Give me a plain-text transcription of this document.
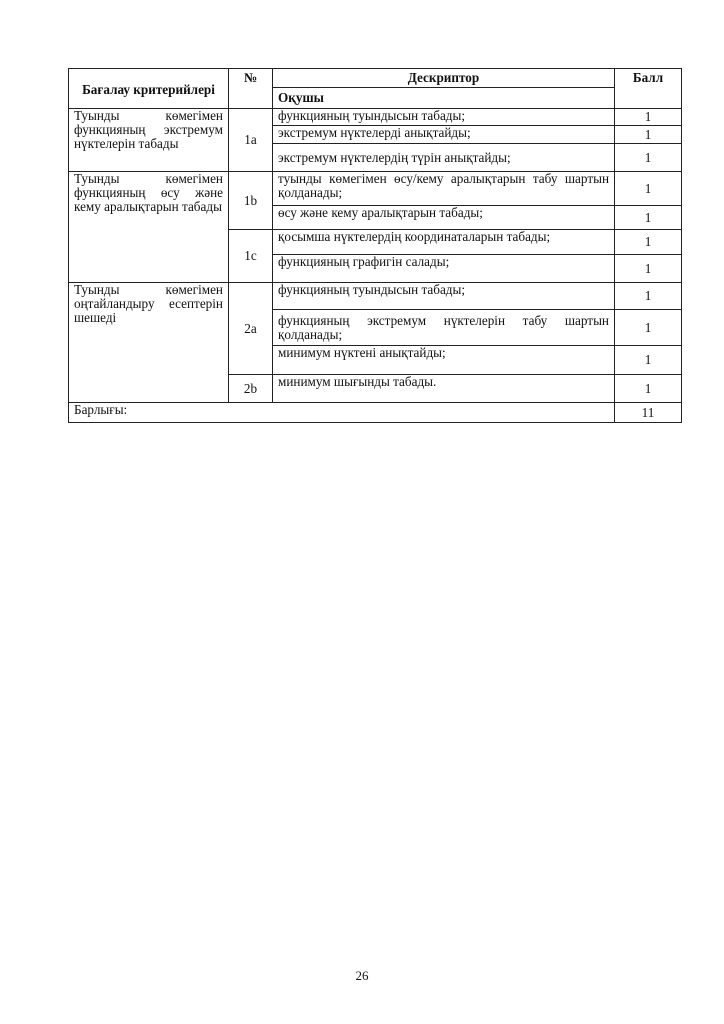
Бағалау критерийлері	№	Дескриптор	Балл
		Оқушы	
Туынды көмегімен функцияның экстремум нүктелерін табады	1a	функцияның туындысын табады;	1
		экстремум нүктелерді анықтайды;	1
		экстремум нүктелердің түрін анықтайды;	1
Туынды көмегімен функцияның өсу және кему аралықтарын табады	1b	туынды көмегімен өсу/кему аралықтарын табу шартын қолданады;	1
		өсу және кему аралықтарын табады;	1
	1c	қосымша нүктелердің координаталарын табады;	1
		функцияның графигін салады;	1
Туынды көмегімен оңтайландыру есептерін шешеді	2a	функцияның туындысын табады;	1
		функцияның экстремум нүктелерін табу шартын қолданады;	1
		минимум нүктені анықтайды;	1
	2b	минимум шығынды табады.	1
Барлығы:			11
26
